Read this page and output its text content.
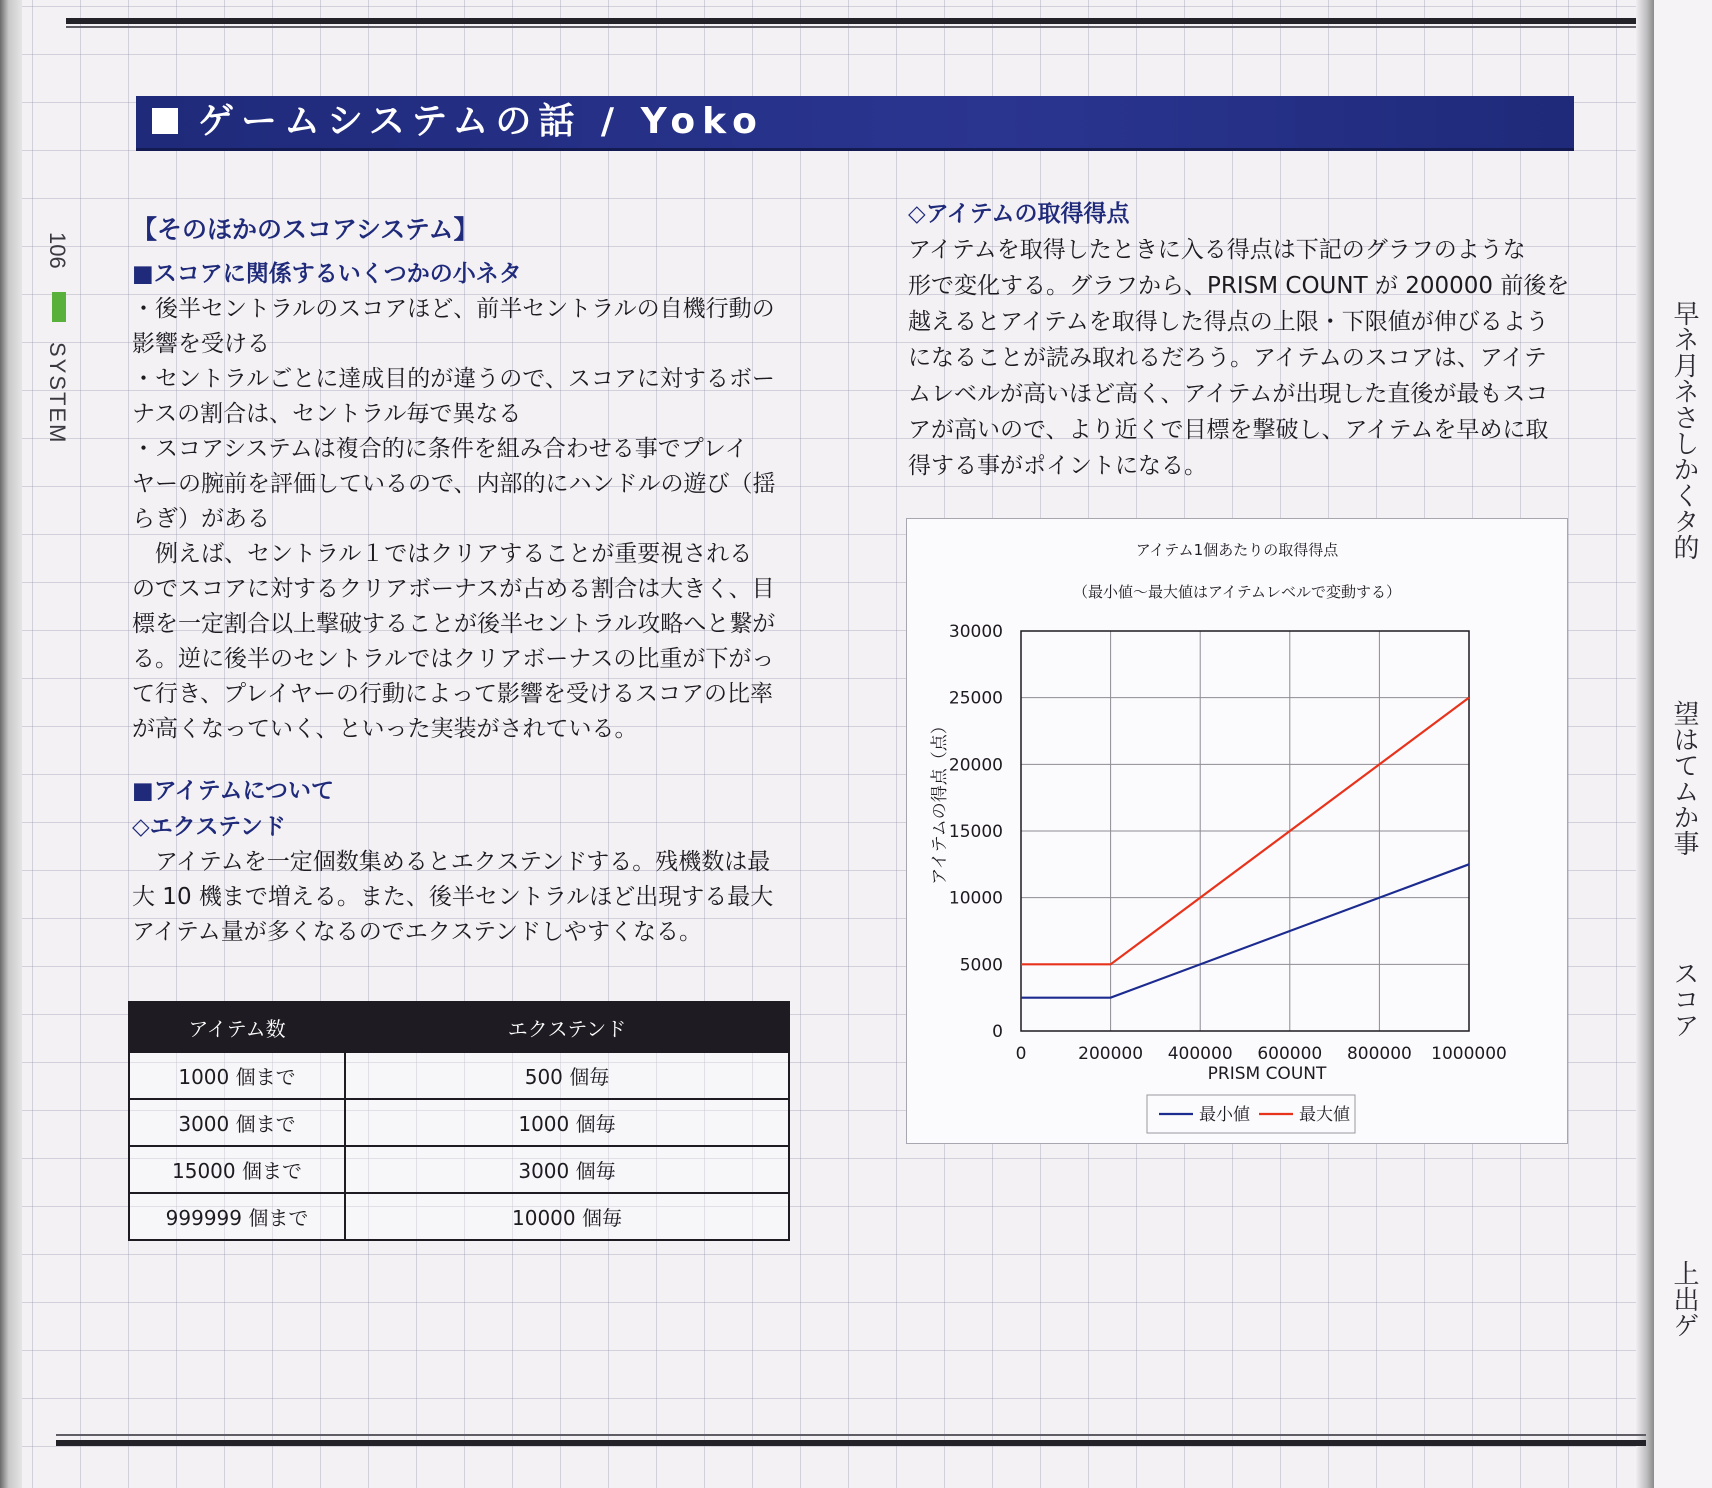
早ネ月ネさしかくタ的
望はてムか事
スコア
上出ゲ
106
SYSTEM
ゲームシステムの話 / Yoko
【そのほかのスコアシステム】
■スコアに関係するいくつかの小ネタ

・後半セントラルのスコアほど、前半セントラルの自機行動の
影響を受ける

・セントラルごとに達成目的が違うので、スコアに対するボー
ナスの割合は、セントラル毎で異なる

・スコアシステムは複合的に条件を組み合わせる事でプレイ
ヤーの腕前を評価しているので、内部的にハンドルの遊び（揺
らぎ）がある

例えば、セントラル１ではクリアすることが重要視される
のでスコアに対するクリアボーナスが占める割合は大きく、目
標を一定割合以上撃破することが後半セントラル攻略へと繋が
る。逆に後半のセントラルではクリアボーナスの比重が下がっ
て行き、プレイヤーの行動によって影響を受けるスコアの比率
が高くなっていく、といった実装がされている。

■アイテムについて
◇エクステンド

アイテムを一定個数集めるとエクステンドする。残機数は最
大 10 機まで増える。また、後半セントラルほど出現する最大
アイテム量が多くなるのでエクステンドしやすくなる。

アイテム数	エクステンド
1000 個まで	500 個毎
3000 個まで	1000 個毎
15000 個まで	3000 個毎
999999 個まで	10000 個毎
◇アイテムの取得得点

アイテムを取得したときに入る得点は下記のグラフのような
形で変化する。グラフから、PRISM COUNT が 200000 前後を
越えるとアイテムを取得した得点の上限・下限値が伸びるよう
になることが読み取れるだろう。アイテムのスコアは、アイテ
ムレベルが高いほど高く、アイテムが出現した直後が最もスコ
アが高いので、より近くで目標を撃破し、アイテムを早めに取
得する事がポイントになる。

アイテム1個あたりの取得得点
（最小値〜最大値はアイテムレベルで変動する）
0	200000 400000 600000 800000 1000000
0
5000
10000
15000
20000
25000
30000
PRISM COUNT
アイテムの得点（点）
最小値	最大値
